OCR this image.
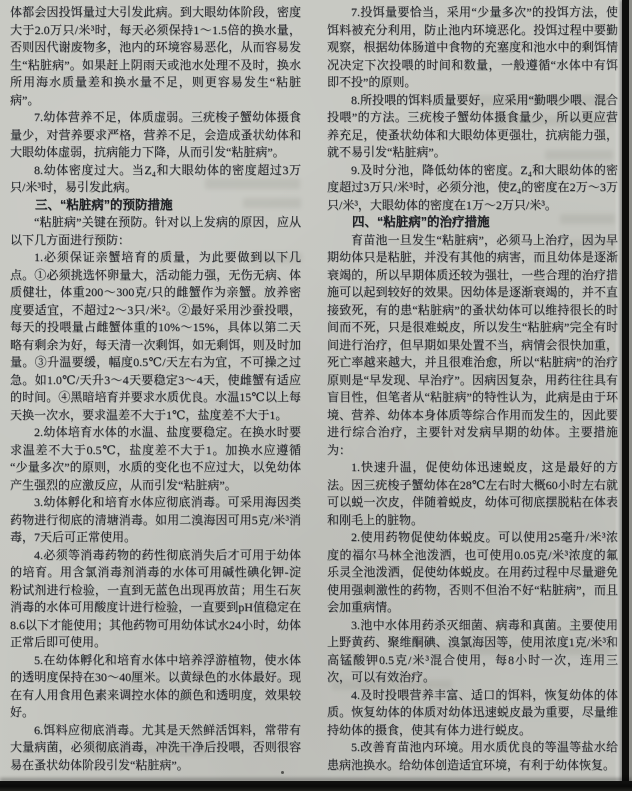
体都会因投饵量过大引发此病。到大眼幼体阶段，密度大于2.0万只/米³时，每天必须保持1～1.5倍的换水量，否则因代谢废物多，池内的环境容易恶化，从而容易发生“粘脏病”。如果赶上阴雨天或池水处理不及时，换水所用海水质量差和换水量不足，则更容易发生“粘脏病”。

7.幼体营养不足，体质虚弱。三疣梭子蟹幼体摄食量少，对营养要求严格，营养不足，会造成蚤状幼体和大眼幼体虚弱，抗病能力下降，从而引发“粘脏病”。

8.幼体密度过大。当Z₄和大眼幼体的密度超过3万只/米³时，易引发此病。

三、“粘脏病”的预防措施

“粘脏病”关键在预防。针对以上发病的原因，应从以下几方面进行预防：

1.必须保证亲蟹培育的质量，为此要做到以下几点。①必须挑选怀卵量大，活动能力强，无伤无病、体质健壮，体重200～300克/只的雌蟹作为亲蟹。放养密度要适宜，不超过2～3只/米²。②最好采用沙蚕投喂，每天的投喂量占雌蟹体重的10%～15%，具体以第二天略有剩余为好，每天清一次剩饵，如无剩饵，则及时加量。③升温要缓，幅度0.5℃/天左右为宜，不可操之过急。如1.0℃/天升3～4天要稳定3～4天，使雌蟹有适应的时间。④黑暗培育并要求水质优良。水温15℃以上每天换一次水，要求温差不大于1℃，盐度差不大于1。

2.幼体培育水体的水温、盐度要稳定。在换水时要求温差不大于0.5℃，盐度差不大于1。加换水应遵循“少量多次”的原则，水质的变化也不应过大，以免幼体产生强烈的应激反应，从而引发“粘脏病”。

3.幼体孵化和培育水体应彻底消毒。可采用海因类药物进行彻底的清塘消毒。如用二溴海因可用5克/米³消毒，7天后可正常使用。

4.必须等消毒药物的药性彻底消失后才可用于幼体的培育。用含氯消毒剂消毒的水体可用碱性碘化钾-淀粉试剂进行检验，一直到无蓝色出现再放苗；用生石灰消毒的水体可用酸度计进行检验，一直要到pH值稳定在8.6以下才能使用；其他药物可用幼体试水24小时，幼体正常后即可使用。

5.在幼体孵化和培育水体中培养浮游植物，使水体的透明度保持在30～40厘米。以黄绿色的水体最好。现在有人用食用色素来调控水体的颜色和透明度，效果较好。

6.饵料应彻底消毒。尤其是天然鲜活饵料，常带有大量病菌，必须彻底消毒，冲洗干净后投喂，否则很容易在蚤状幼体阶段引发“粘脏病”。

7.投饵量要恰当，采用“少量多次”的投饵方法，使饵料被充分利用，防止池内环境恶化。投饵过程中要勤观察，根据幼体肠道中食物的充塞度和池水中的剩饵情况决定下次投喂的时间和数量，一般遵循“水体中有饵即不投”的原则。

8.所投喂的饵料质量要好，应采用“勤喂少喂、混合投喂”的方法。三疣梭子蟹幼体摄食量少，所以更应营养充足，使蚤状幼体和大眼幼体更强壮，抗病能力强，就不易引发“粘脏病”。

9.及时分池，降低幼体的密度。Z₄和大眼幼体的密度超过3万只/米³时，必须分池，使Z₄的密度在2万～3万只/米³，大眼幼体的密度在1万～2万只/米³。

四、“粘脏病”的治疗措施

育苗池一旦发生“粘脏病”，必须马上治疗，因为早期幼体只是粘脏，并没有其他的病害，而且幼体是逐渐衰竭的，所以早期体质还较为强壮，一些合理的治疗措施可以起到较好的效果。因幼体是逐渐衰竭的，并不直接致死，有的患“粘脏病”的蚤状幼体可以维持很长的时间而不死，只是很难蜕皮，所以发生“粘脏病”完全有时间进行治疗，但早期如果处置不当，病情会很快加重，死亡率越来越大，并且很难治愈，所以“粘脏病”的治疗原则是“早发现、早治疗”。因病因复杂，用药往往具有盲目性，但笔者从“粘脏病”的特性认为，此病是由于环境、营养、幼体本身体质等综合作用而发生的，因此要进行综合治疗，主要针对发病早期的幼体。主要措施为：

1.快速升温，促使幼体迅速蜕皮，这是最好的方法。因三疣梭子蟹幼体在28℃左右时大概60小时左右就可以蜕一次皮，伴随着蜕皮，幼体可彻底摆脱粘在体表和刚毛上的脏物。

2.使用药物促使幼体蜕皮。可以使用25毫升/米³浓度的福尔马林全池泼洒，也可使用0.05克/米³浓度的氟乐灵全池泼洒，促使幼体蜕皮。在用药过程中尽量避免使用强刺激性的药物，否则不但治不好“粘脏病”，而且会加重病情。

3.池中水体用药杀灭细菌、病毒和真菌。主要使用上野黄药、聚维酮碘、溴氯海因等，使用浓度1克/米³和高锰酸钾0.5克/米³混合使用，每8小时一次，连用三次，可以有效治疗。

4.及时投喂营养丰富、适口的饵料，恢复幼体的体质。恢复幼体的体质对幼体迅速蜕皮最为重要，尽量维持幼体的摄食，使其有体力进行蜕皮。

5.改善育苗池内环境。用水质优良的等温等盐水给患病池换水。给幼体创造适宜环境，有利于幼体恢复。
